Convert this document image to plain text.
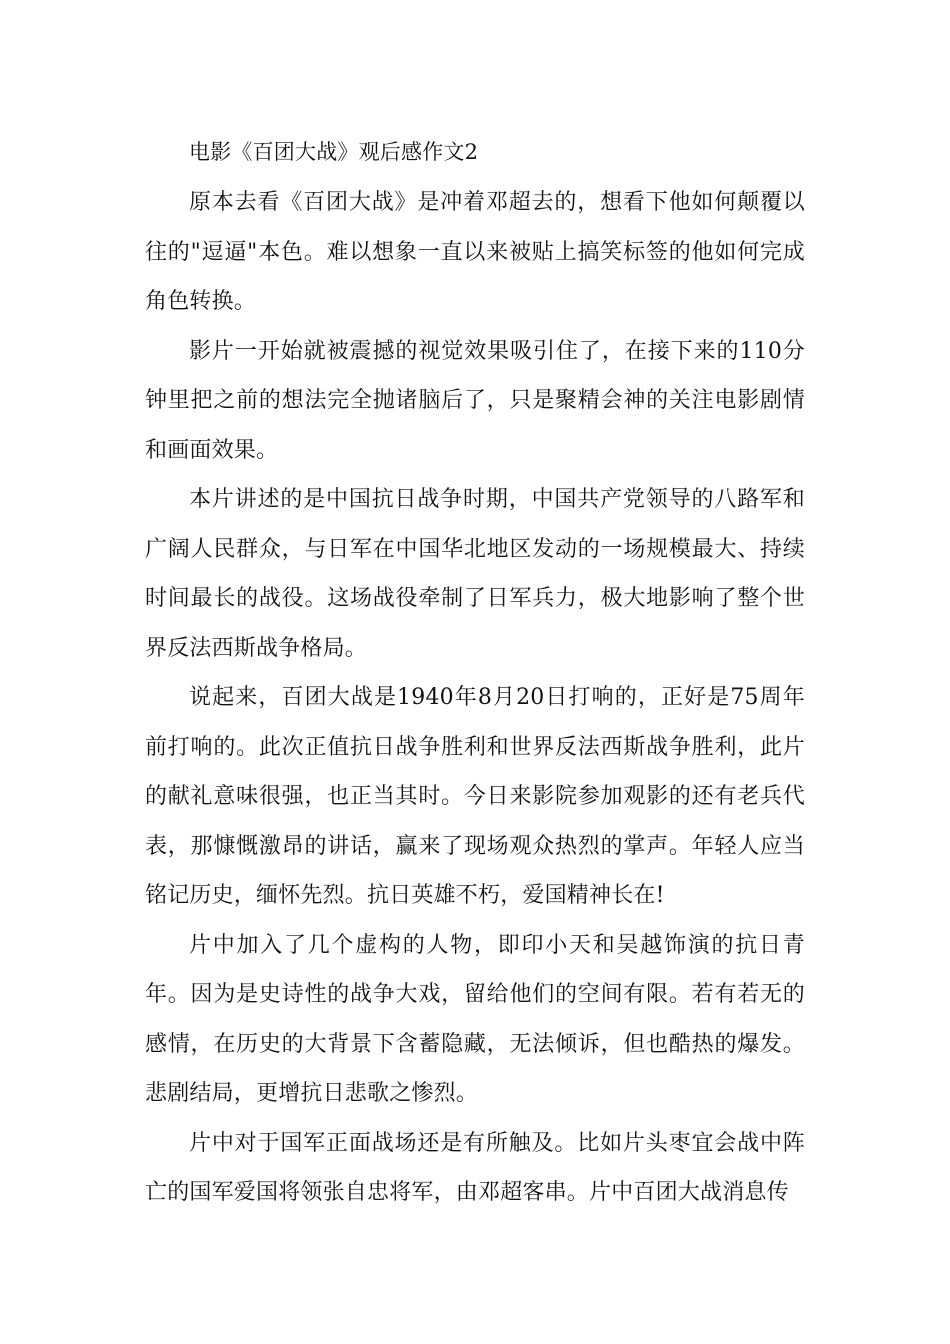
电影《百团大战》观后感作文2

原本去看《百团大战》是冲着邓超去的，想看下他如何颠覆以往的"逗逼"本色。难以想象一直以来被贴上搞笑标签的他如何完成角色转换。

影片一开始就被震撼的视觉效果吸引住了，在接下来的110分钟里把之前的想法完全抛诸脑后了，只是聚精会神的关注电影剧情和画面效果。

本片讲述的是中国抗日战争时期，中国共产党领导的八路军和广阔人民群众，与日军在中国华北地区发动的一场规模最大、持续时间最长的战役。这场战役牵制了日军兵力，极大地影响了整个世界反法西斯战争格局。

说起来，百团大战是1940年8月20日打响的，正好是75周年前打响的。此次正值抗日战争胜利和世界反法西斯战争胜利，此片的献礼意味很强，也正当其时。今日来影院参加观影的还有老兵代表，那慷慨激昂的讲话，赢来了现场观众热烈的掌声。年轻人应当铭记历史，缅怀先烈。抗日英雄不朽，爱国精神长在!

片中加入了几个虚构的人物，即印小天和吴越饰演的抗日青年。因为是史诗性的战争大戏，留给他们的空间有限。若有若无的感情，在历史的大背景下含蓄隐藏，无法倾诉，但也酷热的爆发。悲剧结局，更增抗日悲歌之惨烈。

片中对于国军正面战场还是有所触及。比如片头枣宜会战中阵亡的国军爱国将领张自忠将军，由邓超客串。片中百团大战消息传
